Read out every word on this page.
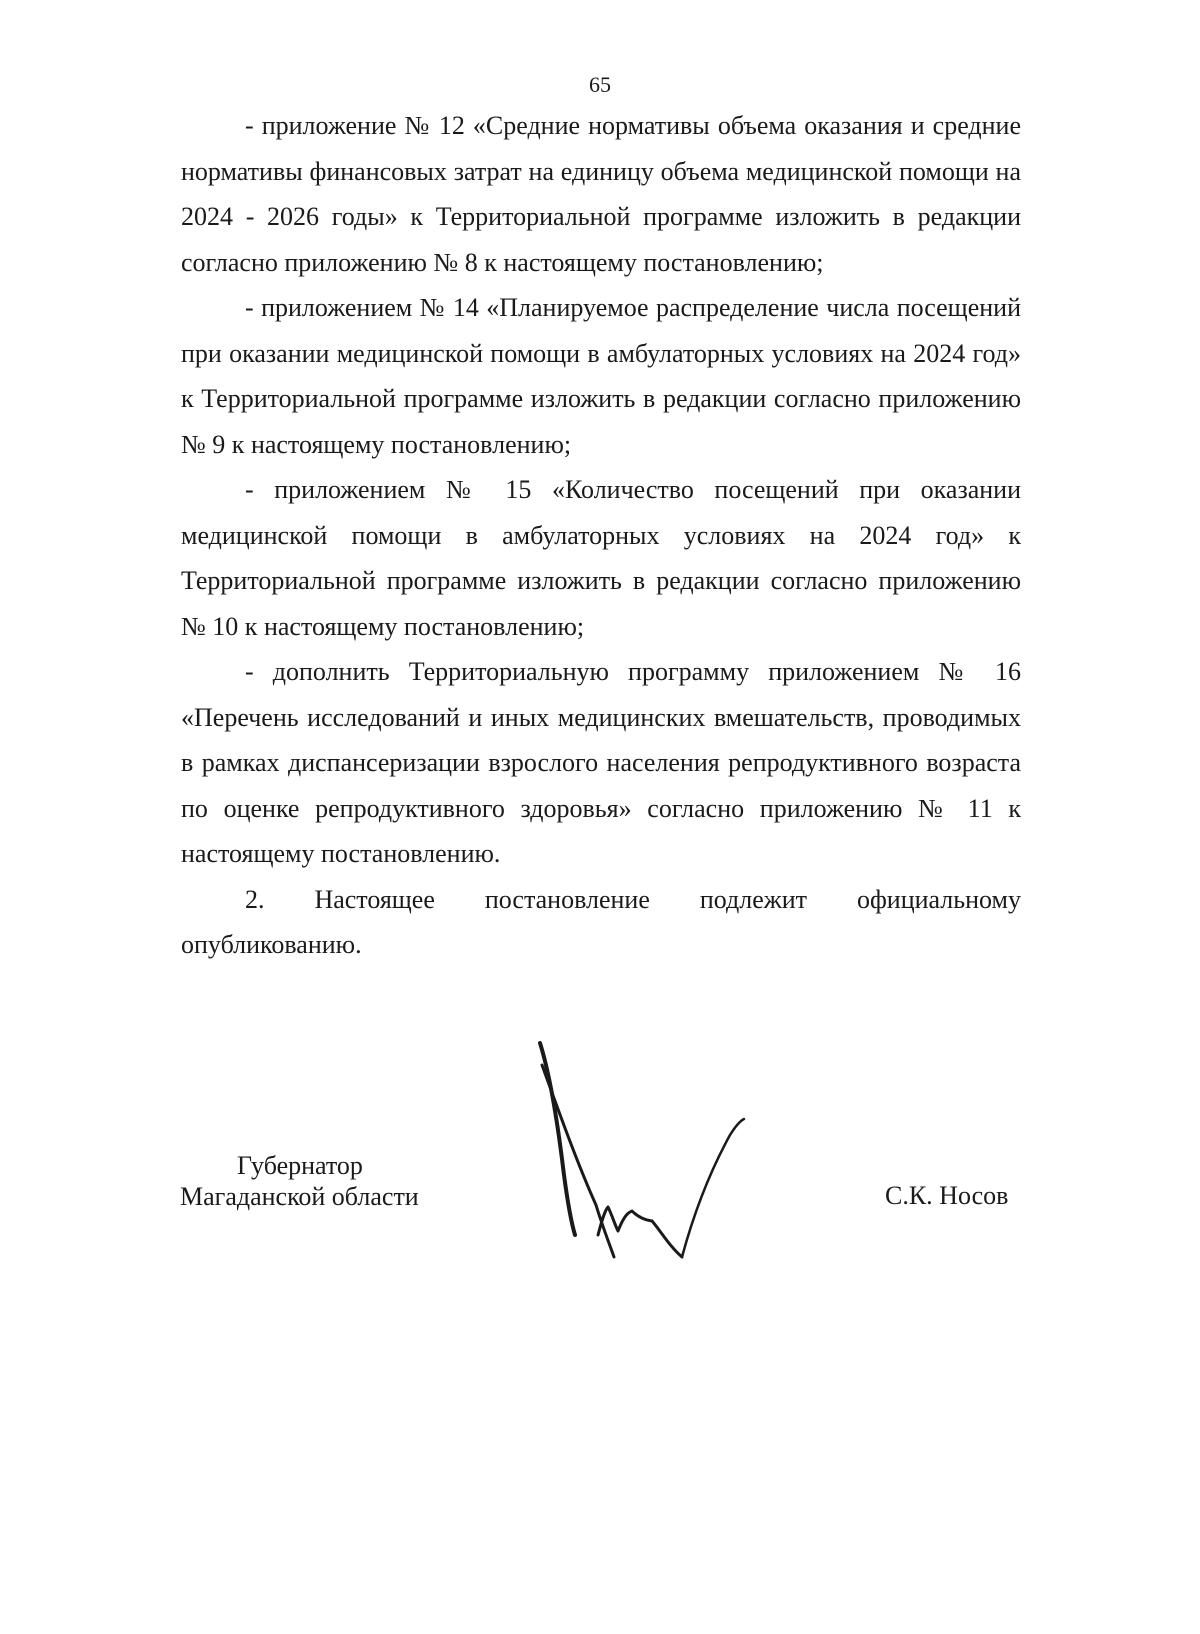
65

- приложение № 12 «Средние нормативы объема оказания и средние нормативы финансовых затрат на единицу объема медицинской помощи на 2024 - 2026 годы» к Территориальной программе изложить в редакции согласно приложению № 8 к настоящему постановлению;

- приложением № 14 «Планируемое распределение числа посещений при оказании медицинской помощи в амбулаторных условиях на 2024 год» к Территориальной программе изложить в редакции согласно приложению № 9 к настоящему постановлению;

- приложением № 15 «Количество посещений при оказании медицинской помощи в амбулаторных условиях на 2024 год» к Территориальной программе изложить в редакции согласно приложению № 10 к настоящему постановлению;

- дополнить Территориальную программу приложением № 16 «Перечень исследований и иных медицинских вмешательств, проводимых в рамках диспансеризации взрослого населения репродуктивного возраста по оценке репродуктивного здоровья» согласно приложению № 11 к настоящему постановлению.

2. Настоящее постановление подлежит официальному опубликованию.

Губернатор
Магаданской области	С.К. Носов
